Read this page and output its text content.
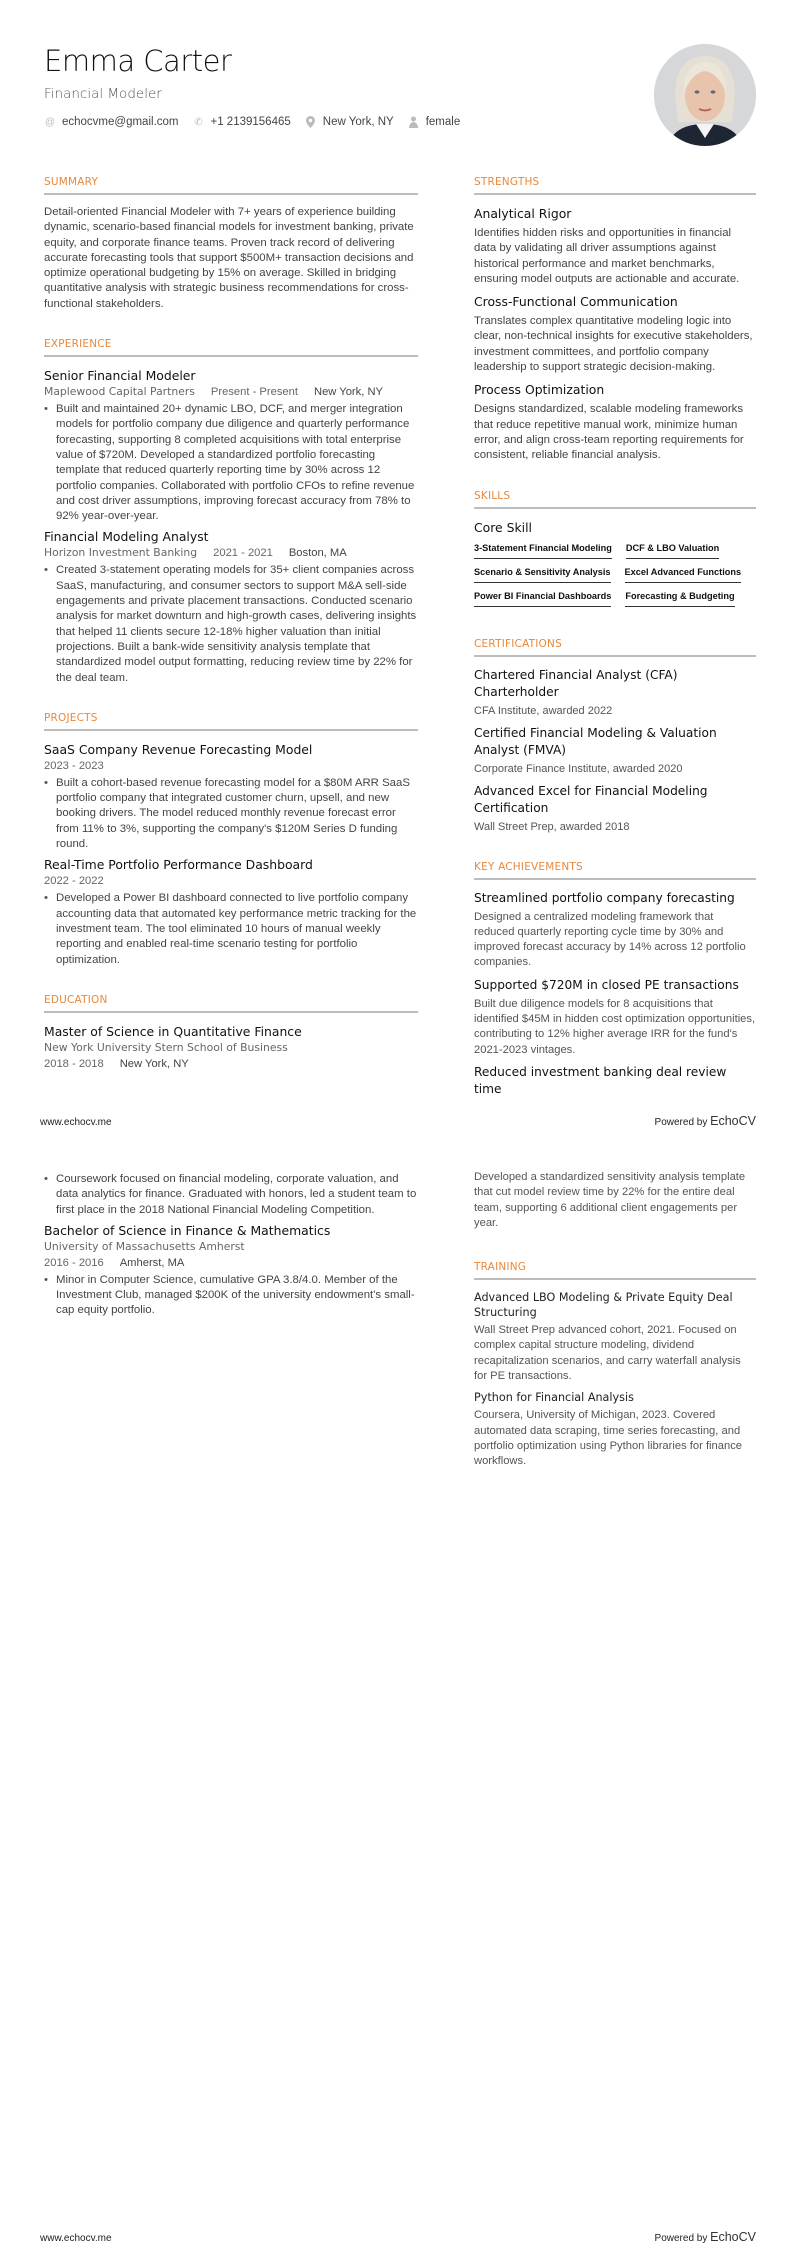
Emma Carter
Financial Modeler
@ echocvme@gmail.com ✆ +1 2139156465	New York, NY	female
SUMMARY
Detail-oriented Financial Modeler with 7+ years of experience building dynamic, scenario-based financial models for investment banking, private equity, and corporate finance teams. Proven track record of delivering accurate forecasting tools that support $500M+ transaction decisions and optimize operational budgeting by 15% on average. Skilled in bridging quantitative analysis with strategic business recommendations for cross-functional stakeholders.
EXPERIENCE
Senior Financial Modeler
Maplewood Capital Partners Present - Present New York, NY
• Built and maintained 20+ dynamic LBO, DCF, and merger integration models for portfolio company due diligence and quarterly performance forecasting, supporting 8 completed acquisitions with total enterprise value of $720M. Developed a standardized portfolio forecasting template that reduced quarterly reporting time by 30% across 12 portfolio companies. Collaborated with portfolio CFOs to refine revenue and cost driver assumptions, improving forecast accuracy from 78% to 92% year-over-year.
Financial Modeling Analyst
Horizon Investment Banking 2021 - 2021 Boston, MA
• Created 3-statement operating models for 35+ client companies across SaaS, manufacturing, and consumer sectors to support M&A sell-side engagements and private placement transactions. Conducted scenario analysis for market downturn and high-growth cases, delivering insights that helped 11 clients secure 12-18% higher valuation than initial projections. Built a bank-wide sensitivity analysis template that standardized model output formatting, reducing review time by 22% for the deal team.
PROJECTS
SaaS Company Revenue Forecasting Model
2023 - 2023
• Built a cohort-based revenue forecasting model for a $80M ARR SaaS portfolio company that integrated customer churn, upsell, and new booking drivers. The model reduced monthly revenue forecast error from 11% to 3%, supporting the company's $120M Series D funding round.
Real-Time Portfolio Performance Dashboard
2022 - 2022
• Developed a Power BI dashboard connected to live portfolio company accounting data that automated key performance metric tracking for the investment team. The tool eliminated 10 hours of manual weekly reporting and enabled real-time scenario testing for portfolio optimization.
EDUCATION
Master of Science in Quantitative Finance
New York University Stern School of Business
2018 - 2018 New York, NY
STRENGTHS
Analytical Rigor
Identifies hidden risks and opportunities in financial data by validating all driver assumptions against historical performance and market benchmarks, ensuring model outputs are actionable and accurate.
Cross-Functional Communication
Translates complex quantitative modeling logic into clear, non-technical insights for executive stakeholders, investment committees, and portfolio company leadership to support strategic decision-making.
Process Optimization
Designs standardized, scalable modeling frameworks that reduce repetitive manual work, minimize human error, and align cross-team reporting requirements for consistent, reliable financial analysis.
SKILLS
Core Skill
3-Statement Financial Modeling DCF & LBO Valuation
Scenario & Sensitivity Analysis Excel Advanced Functions
Power BI Financial Dashboards Forecasting & Budgeting
CERTIFICATIONS
Chartered Financial Analyst (CFA) Charterholder
CFA Institute, awarded 2022
Certified Financial Modeling & Valuation Analyst (FMVA)
Corporate Finance Institute, awarded 2020
Advanced Excel for Financial Modeling Certification
Wall Street Prep, awarded 2018
KEY ACHIEVEMENTS
Streamlined portfolio company forecasting
Designed a centralized modeling framework that reduced quarterly reporting cycle time by 30% and improved forecast accuracy by 14% across 12 portfolio companies.
Supported $720M in closed PE transactions
Built due diligence models for 8 acquisitions that identified $45M in hidden cost optimization opportunities, contributing to 12% higher average IRR for the fund's 2021-2023 vintages.
Reduced investment banking deal review time
www.echocv.me	Powered by EchoCV
• Coursework focused on financial modeling, corporate valuation, and data analytics for finance. Graduated with honors, led a student team to first place in the 2018 National Financial Modeling Competition.
Bachelor of Science in Finance & Mathematics
University of Massachusetts Amherst
2016 - 2016 Amherst, MA
• Minor in Computer Science, cumulative GPA 3.8/4.0. Member of the Investment Club, managed $200K of the university endowment's small-cap equity portfolio.
Developed a standardized sensitivity analysis template that cut model review time by 22% for the entire deal team, supporting 6 additional client engagements per year.
TRAINING
Advanced LBO Modeling & Private Equity Deal Structuring
Wall Street Prep advanced cohort, 2021. Focused on complex capital structure modeling, dividend recapitalization scenarios, and carry waterfall analysis for PE transactions.
Python for Financial Analysis
Coursera, University of Michigan, 2023. Covered automated data scraping, time series forecasting, and portfolio optimization using Python libraries for finance workflows.
www.echocv.me	Powered by EchoCV
